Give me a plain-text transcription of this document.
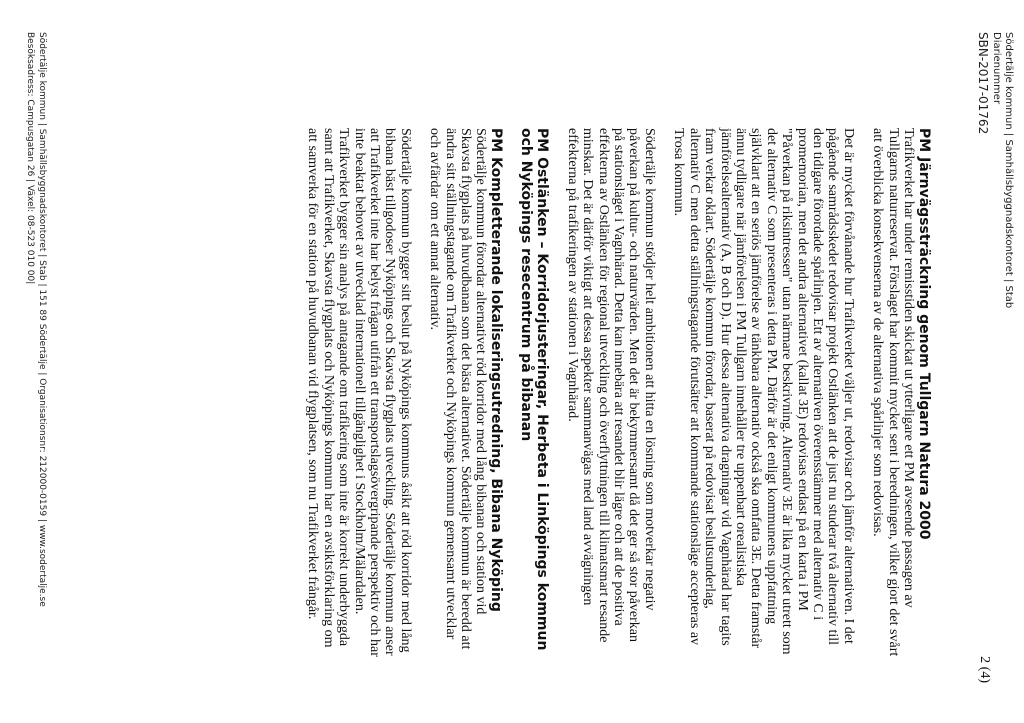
Södertälje kommun | Samhällsbyggnadskontoret | Stab
Diarienummer
SBN-2017-01762
2 (4)
PM Järnvägssträckning genom Tullgarn Natura 2000

Trafikverket har under remisstiden skickat ut ytterligare ett PM avseende passagen av Tullgarns naturreservat. Förslaget har kommit mycket sent i beredningen, vilket gjort det svårt att överblicka konsekvenserna av de alternativa spårlinjer som redovisas.

Det är mycket förvånande hur Trafikverket väljer ut, redovisar och jämför alternativen. I det pågående samrådsskedet redovisar projekt Ostlänken att de just nu studerar två alternativ till den tidigare förordade spårlinjen. Ett av alternativen överensstämmer med alternativ C i promemorian, men det andra alternativet (kallat 3E) redovisas endast på en karta i PM "Påverkan på riksintressen" utan närmare beskrivning. Alternativ 3E är lika mycket utrett som det alternativ C som presenteras i detta PM. Därför är det enligt kommunens uppfattning självklart att en seriös jämförelse av tänkbara alternativ också ska omfatta 3E. Detta framstår ännu tydligare när jämförelsen i PM Tullgarn innehåller tre uppenbart orealistiska jämförelsealternativ (A, B och D). Hur dessa alternativa dragningar vid Vagnhärad har tagits fram verkar oklart. Södertälje kommun förordar, baserat på redovisat beslutsunderlag, alternativ C men detta ställningstagande förutsätter att kommande stationslägе accepteras av Trosa kommun.

Södertälje kommun stödjer helt ambitionen att hitta en lösning som motverkar negativ påverkan på kultur- och naturvärden. Men det är bekymmersamt då det ger så stor påverkan på stationsläget i Vagnhärad. Detta kan innebära att resandet blir lägre och att de positiva effekterna av Ostlänken för regional utveckling och överflyttningen till klimatsmart resande minskar. Det är därför viktigt att dessa aspekter sammanvägas med land avvägningen effekterna på trafikeringen av stationen i Vagnhärad.

PM Ostlänken – Korridorjusteringar, Herbeta i Linköpings kommun och Nyköpings resecentrum på bibanan
PM Kompletterande lokaliseringsutredning, Bibana Nyköping

Södertälje kommun förordar alternativet röd korridor med lång bibanan och station vid Skavsta flygplats på huvudbanan som det bästa alternativet. Södertälje kommun är beredd att ändra sitt ställningstagande om Trafikverket och Nyköpings kommun gemensamt utvecklar och avfärdar om ett annat alternativ.

Södertälje kommun bygger sitt beslut på Nyköpings kommuns åsikt att röd korridor med lång bibana bäst tillgodoser Nyköpings och Skavsta flygplats utveckling. Södertälje kommun anser att Trafikverket inte har belyst frågan utifrån ett transportslagsövergripande perspektiv och har inte beaktat behovet av utvecklad internationell tillgänglighet i Stockholm/Mälardalen. Trafikverket bygger sin analys på antagande om trafikering som inte är korrekt underbyggda samt att Trafikverket, Skavsta flygplats och Nyköpings kommun har en avsiktsförklaring om att samverka för en station på huvudbanan vid flygplatsen, som nu Trafikverket frångår.

Södertälje kommun | Samhällsbyggnadskontoret | Stab | 151 89 Södertälje | Organisationsnr: 212000-0159 | www.sodertalje.se
Besöksadress: Campusgatan 26 | Växel: 08-523 010 00|
